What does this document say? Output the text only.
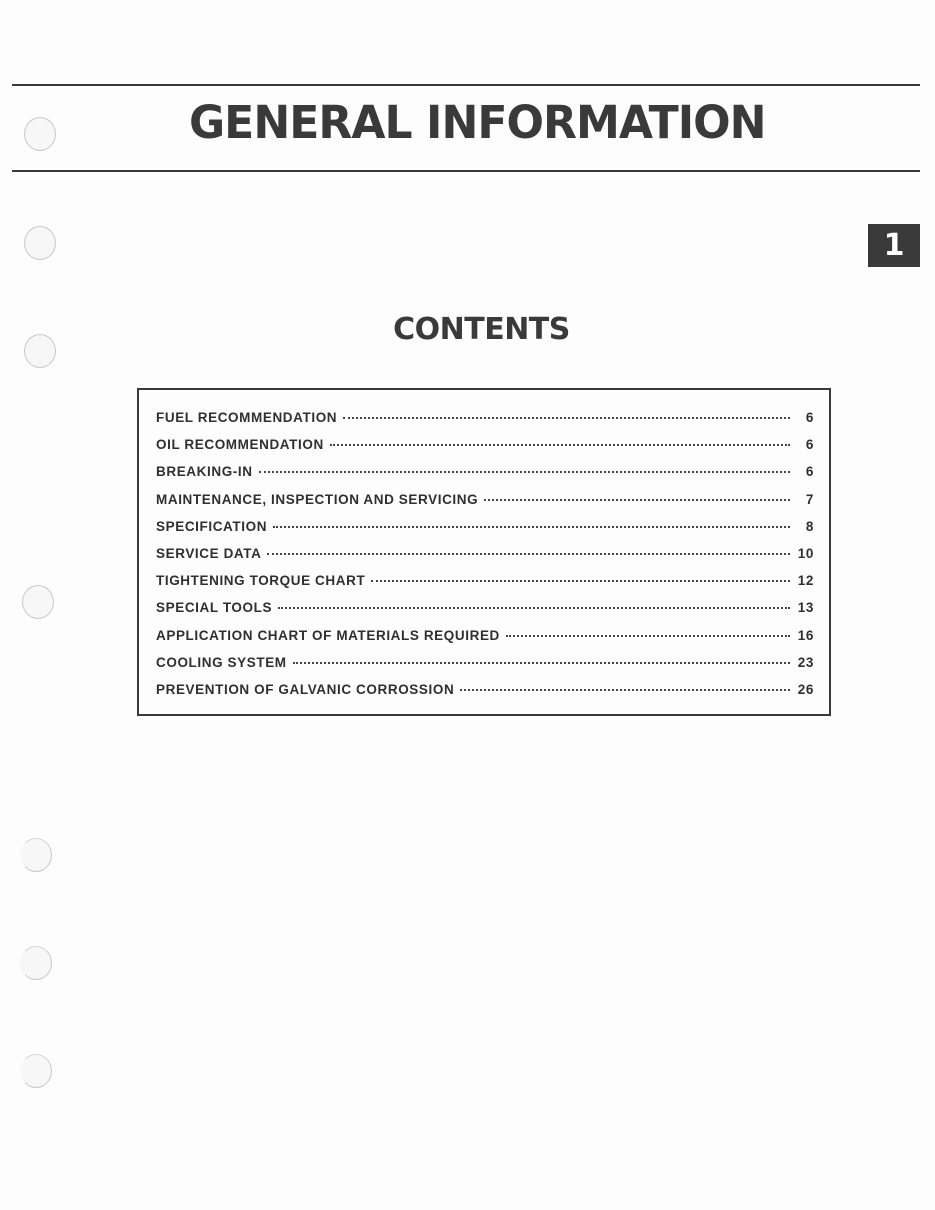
GENERAL INFORMATION
1
CONTENTS
FUEL RECOMMENDATION	6
OIL RECOMMENDATION	6
BREAKING-IN	6
MAINTENANCE, INSPECTION AND SERVICING	7
SPECIFICATION	8
SERVICE DATA	10
TIGHTENING TORQUE CHART	12
SPECIAL TOOLS	13
APPLICATION CHART OF MATERIALS REQUIRED	16
COOLING SYSTEM	23
PREVENTION OF GALVANIC CORROSSION	26
